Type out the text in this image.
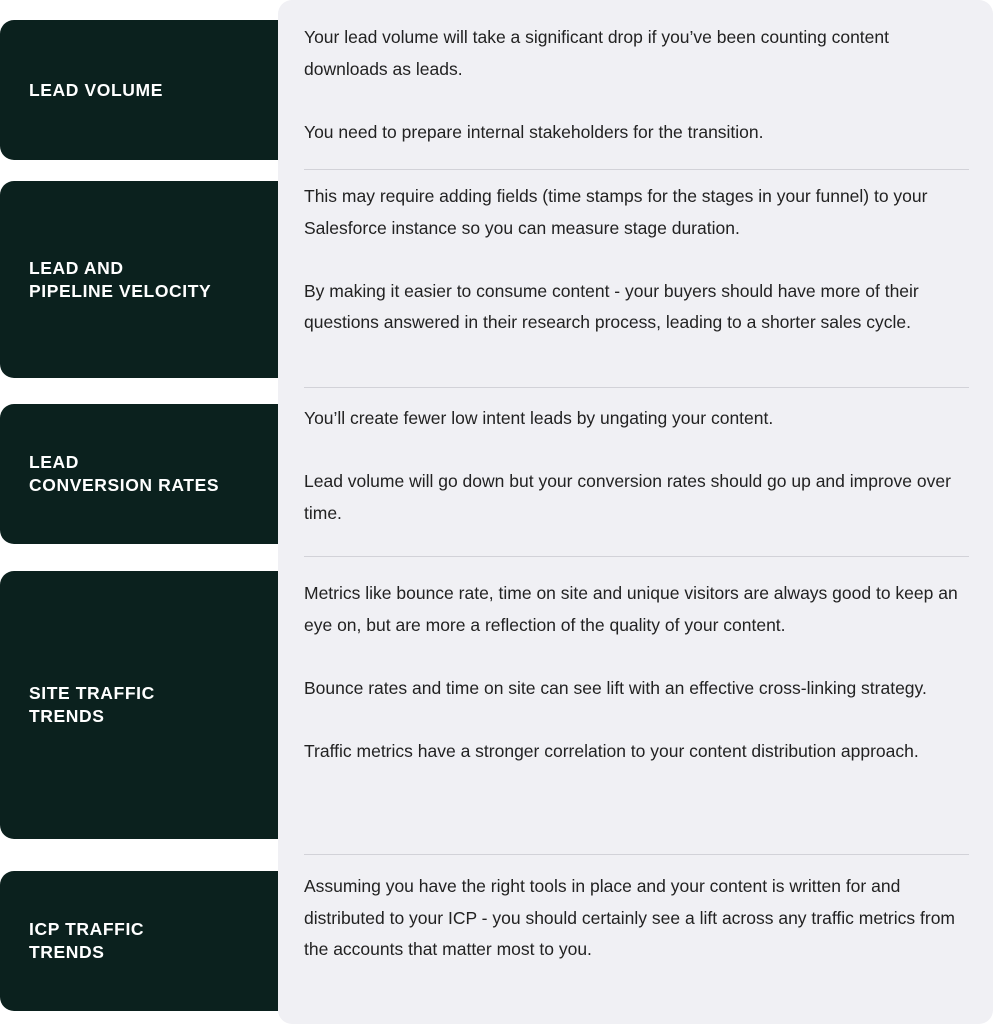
LEAD VOLUME

Your lead volume will take a significant drop if you’ve been counting content downloads as leads.

You need to prepare internal stakeholders for the transition.

LEAD AND
PIPELINE VELOCITY

This may require adding fields (time stamps for the stages in your funnel) to your Salesforce instance so you can measure stage duration.

By making it easier to consume content - your buyers should have more of their questions answered in their research process, leading to a shorter sales cycle.

LEAD
CONVERSION RATES

You’ll create fewer low intent leads by ungating your content.

Lead volume will go down but your conversion rates should go up and improve over time.

SITE TRAFFIC
TRENDS

Metrics like bounce rate, time on site and unique visitors are always good to keep an eye on, but are more a reflection of the quality of your content.

Bounce rates and time on site can see lift with an effective cross-linking strategy.

Traffic metrics have a stronger correlation to your content distribution approach.

ICP TRAFFIC
TRENDS

Assuming you have the right tools in place and your content is written for and distributed to your ICP - you should certainly see a lift across any traffic metrics from the accounts that matter most to you.
